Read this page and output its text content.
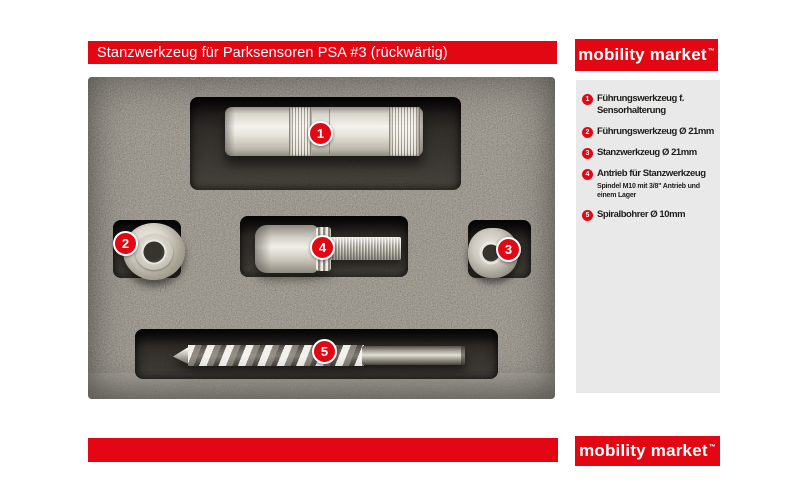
Stanzwerkzeug für Parksensoren PSA #3 (rückwärtig)	mobility market™
1
2	4	3
5
1 Führungswerkzeug f.
Sensorhalterung
2 Führungswerkzeug Ø 21mm
3 Stanzwerkzeug Ø 21mm
4 Antrieb für Stanzwerkzeug
Spindel M10 mit 3/8" Antrieb und einem Lager
5 Spiralbohrer Ø 10mm
mobility market™
